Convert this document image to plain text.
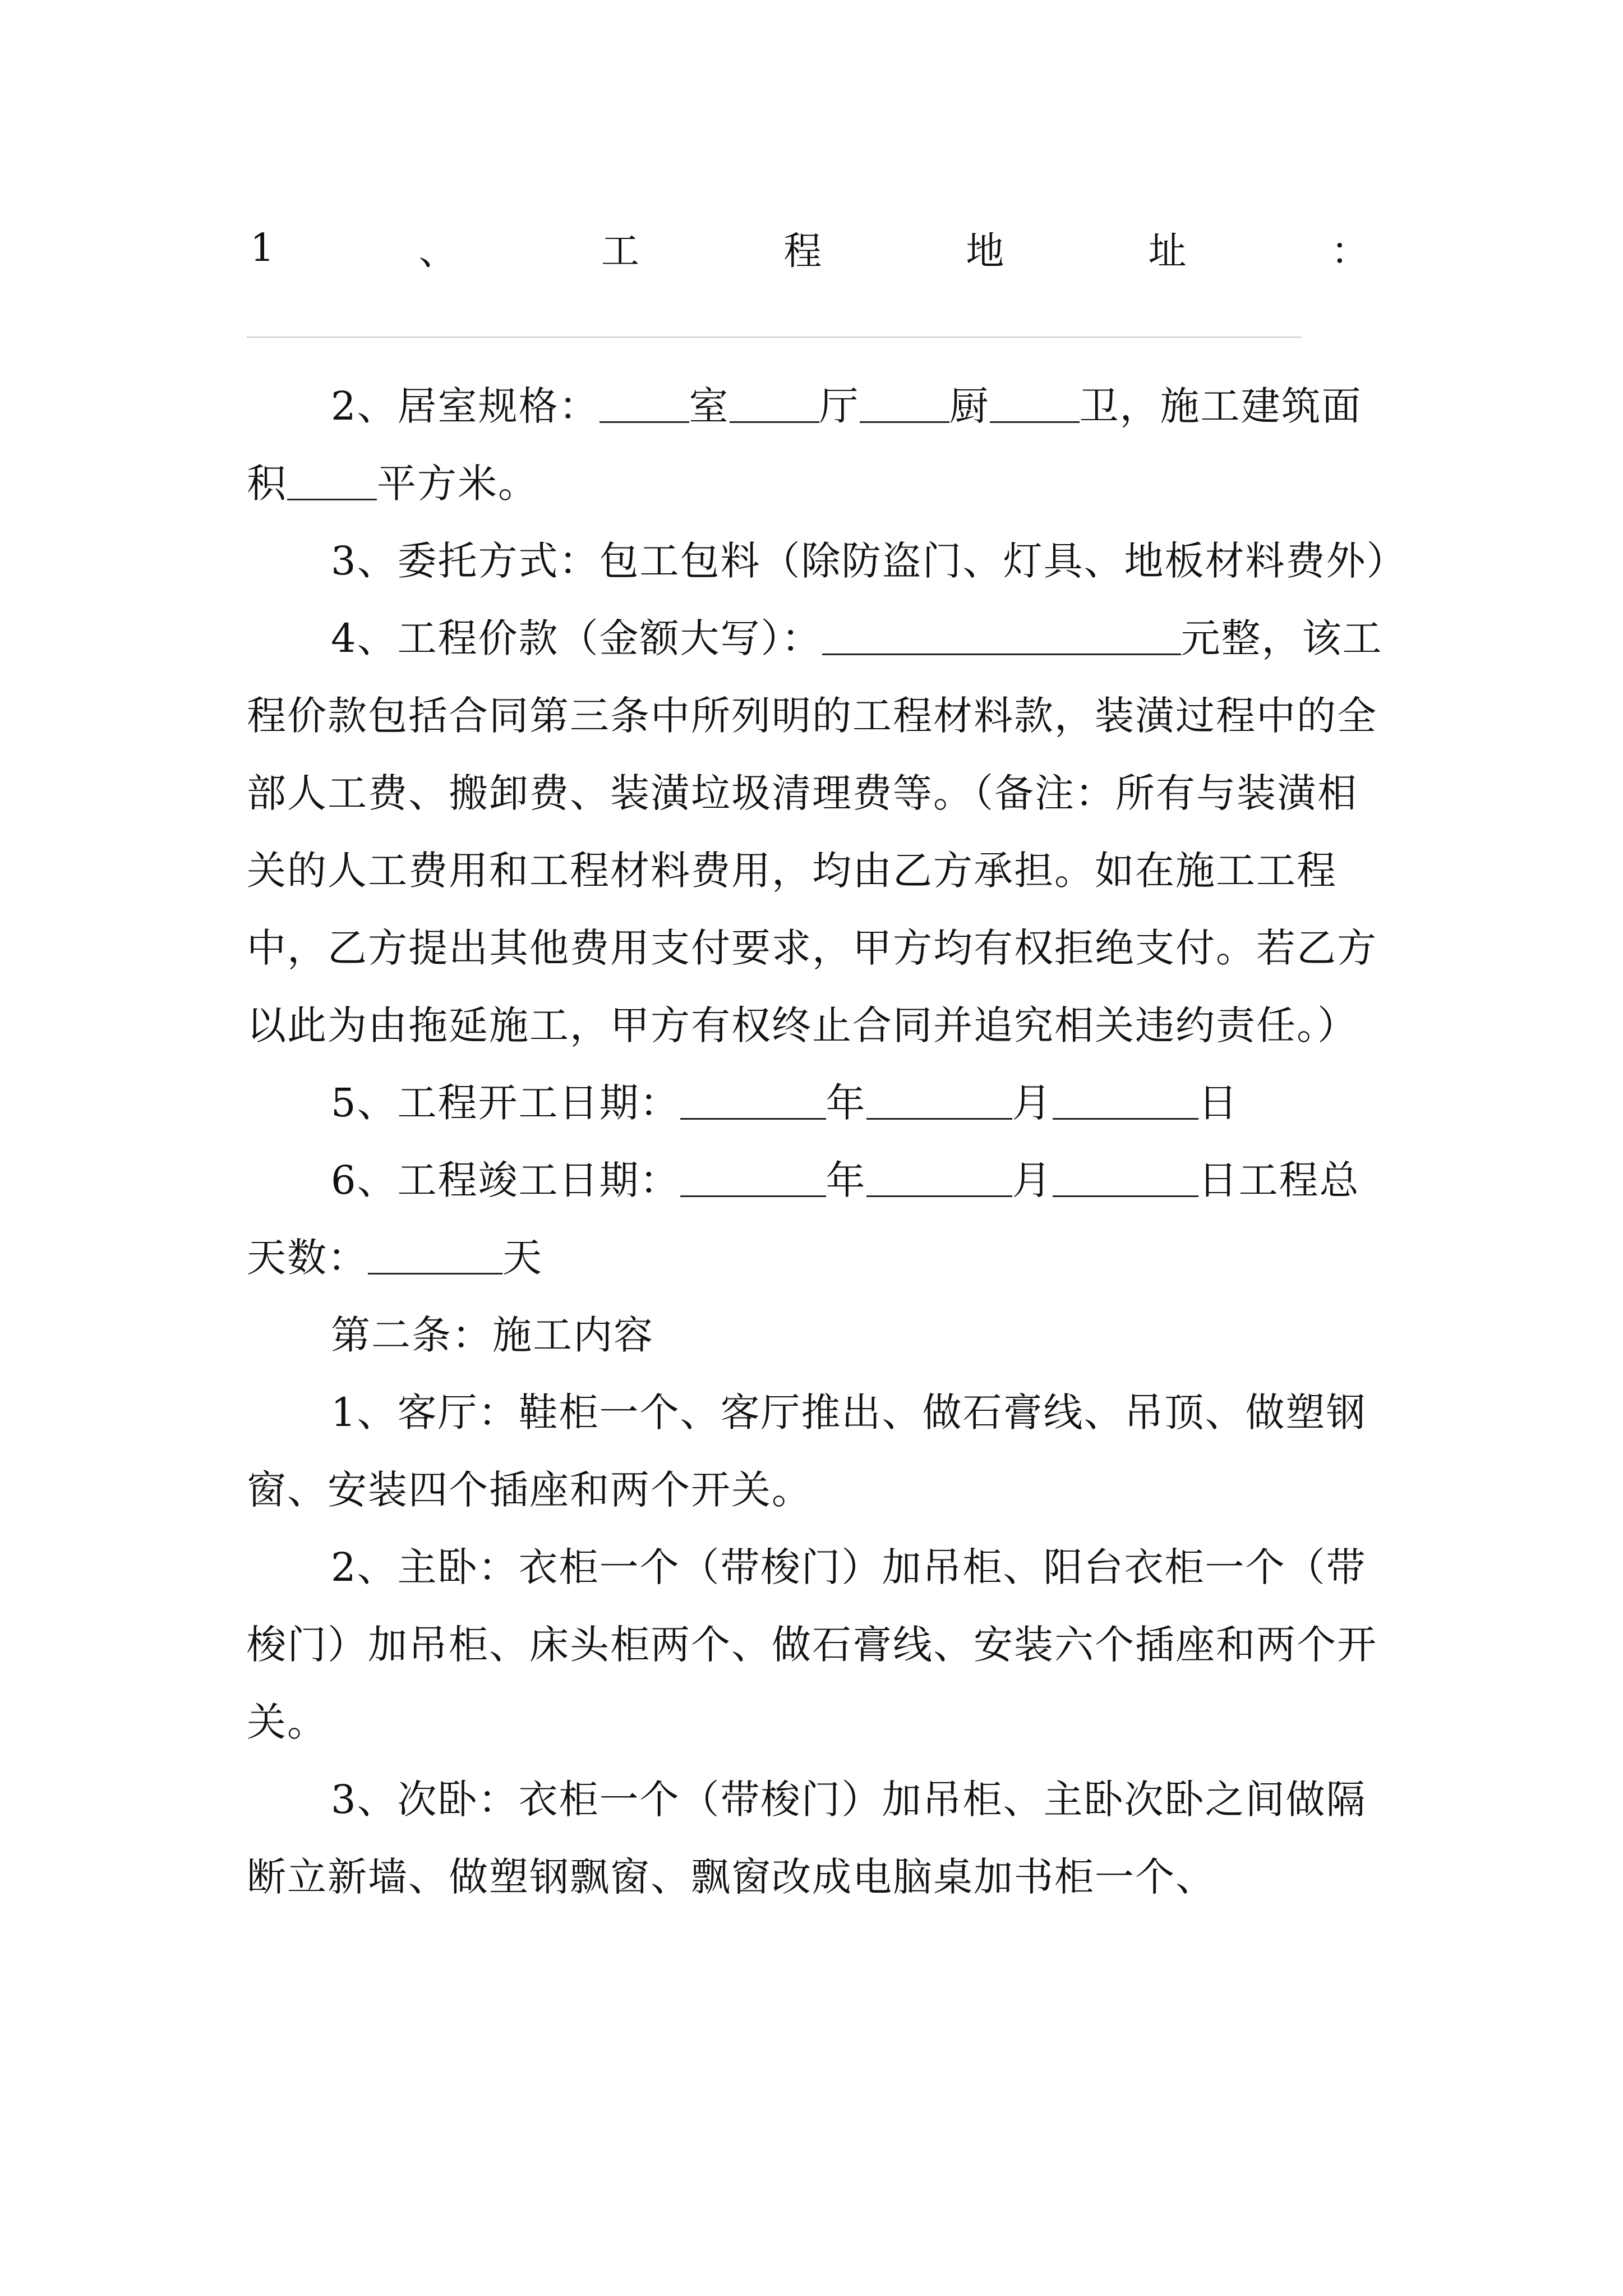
1	、	工	程	地	址	：

2、居室规格： 室 厅 厨 卫，施工建筑面积 平方米。

3、委托方式：包工包料（除防盗门、灯具、地板材料费外）

4、工程价款（金额大写）：	元整，该工程价款包括合同第三条中所列明的工程材料款，装潢过程中的全部人工费、搬卸费、装潢垃圾清理费等。（备注：所有与装潢相关的人工费用和工程材料费用，均由乙方承担。如在施工工程中，乙方提出其他费用支付要求，甲方均有权拒绝支付。若乙方以此为由拖延施工，甲方有权终止合同并追究相关违约责任。）

5、工程开工日期：	年	月	日

6、工程竣工日期：	年	月	日工程总天数：	天

第二条：施工内容

1、客厅：鞋柜一个、客厅推出、做石膏线、吊顶、做塑钢窗、安装四个插座和两个开关。

2、主卧：衣柜一个（带梭门）加吊柜、阳台衣柜一个（带梭门）加吊柜、床头柜两个、做石膏线、安装六个插座和两个开关。

3、次卧：衣柜一个（带梭门）加吊柜、主卧次卧之间做隔断立新墙、做塑钢飘窗、飘窗改成电脑桌加书柜一个、
